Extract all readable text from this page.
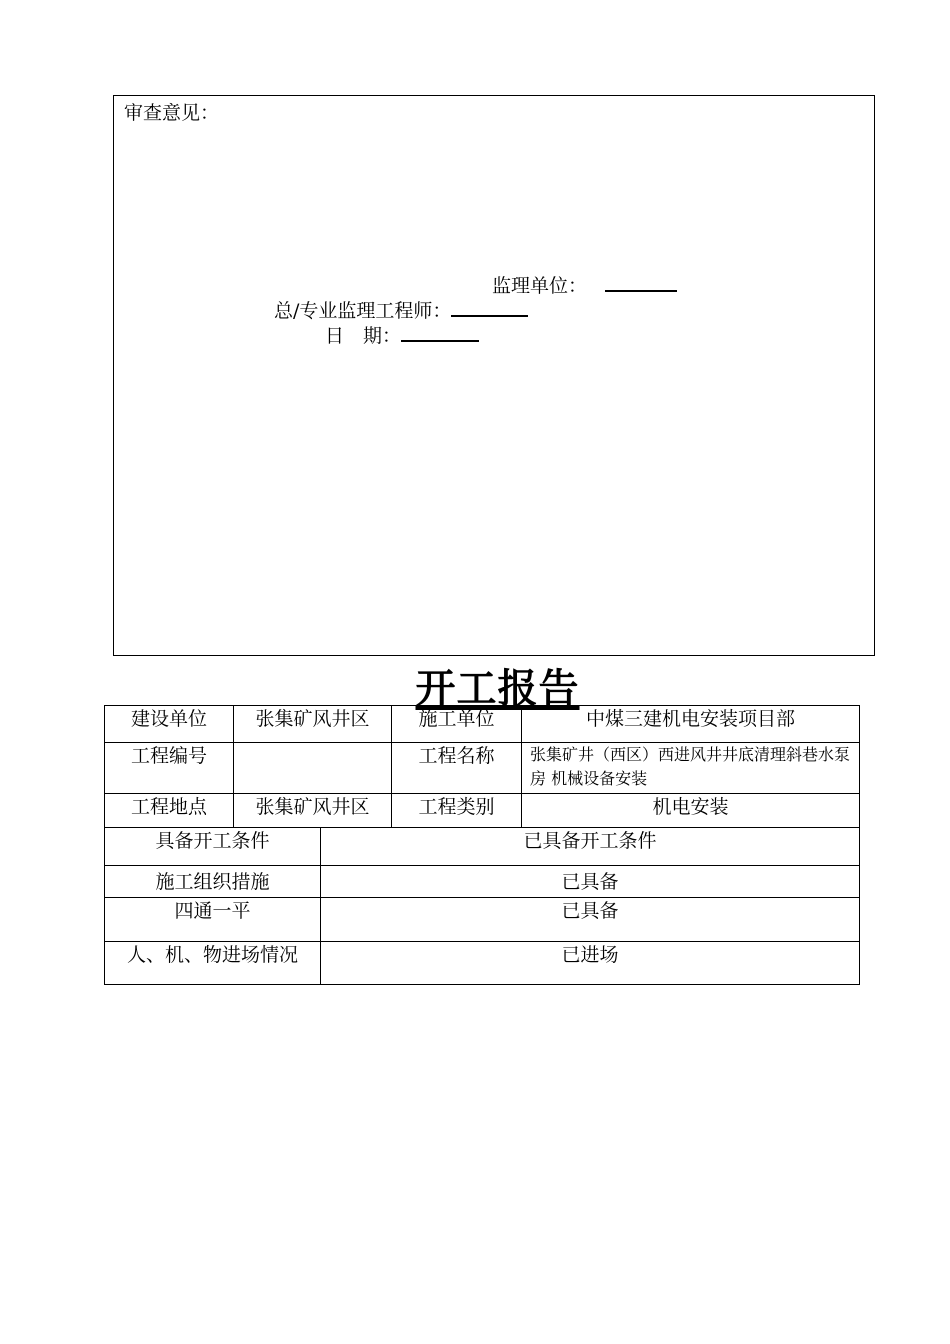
审查意见：
监理单位：
总/专业监理工程师：
日　期：
开工报告
建设单位	张集矿风井区		施工单位	中煤三建机电安装项目部
工程编号			工程名称	张集矿井（西区）西进风井井底清理斜巷水泵房 机械设备安装
工程地点	张集矿风井区		工程类别	机电安装
具备开工条件		已具备开工条件		
施工组织措施		已具备		
四通一平		已具备		
人、机、物进场情况		已进场		
